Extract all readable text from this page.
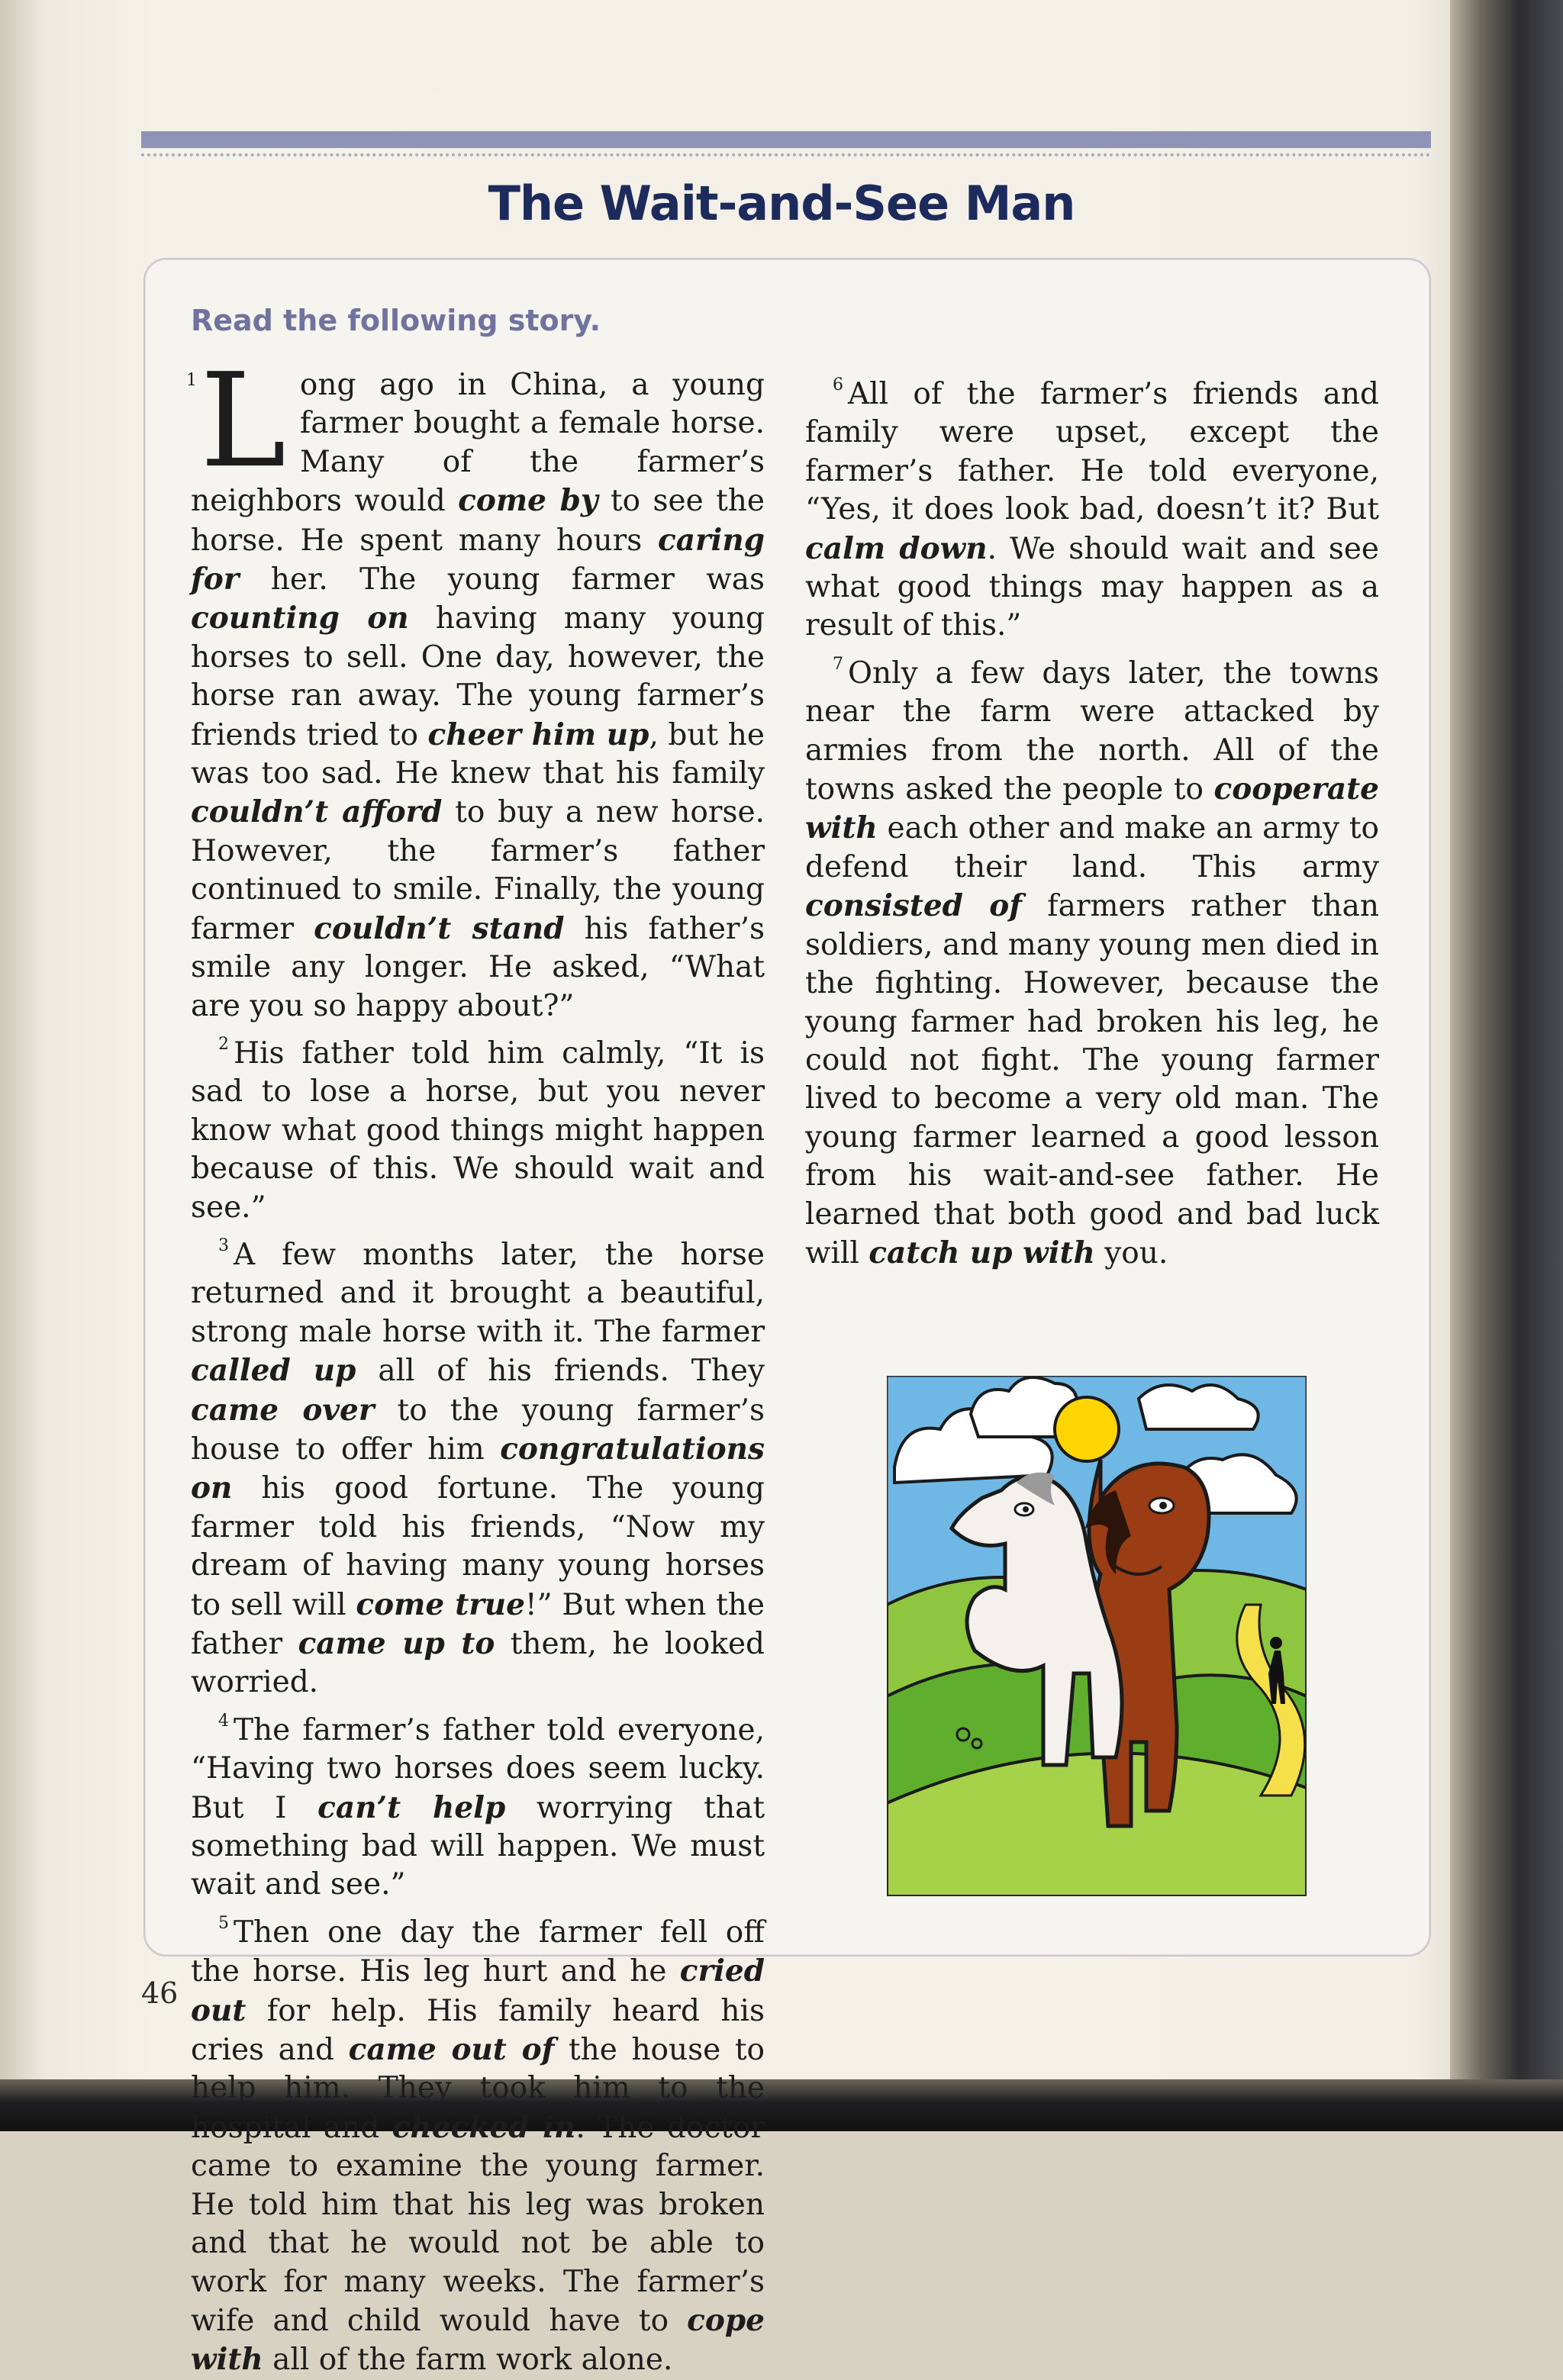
The Wait-and-See Man
Read the following story.

1 L ong ago in China, a young farmer bought a female horse. Many of the farmer’s neighbors would come by to see the horse. He spent many hours caring for her. The young farmer was counting on having many young horses to sell. One day, however, the horse ran away. The young farmer’s friends tried to cheer him up, but he was too sad. He knew that his family couldn’t afford to buy a new horse. However, the farmer’s father continued to smile. Finally, the young farmer couldn’t stand his father’s smile any longer. He asked, “What are you so happy about?”

$^2$ His father told him calmly, “It is sad to lose a horse, but you never know what good things might happen because of this. We should wait and see.”

$^3$ A few months later, the horse returned and it brought a beautiful, strong male horse with it. The farmer called up all of his friends. They came over to the young farmer’s house to offer him congratulations on his good fortune. The young farmer told his friends, “Now my dream of having many young horses to sell will come true!” But when the father came up to them, he looked worried.

$^4$ The farmer’s father told everyone, “Having two horses does seem lucky. But I can’t help worrying that something bad will happen. We must wait and see.”

$^5$ Then one day the farmer fell off the horse. His leg hurt and he cried out for help. His family heard his cries and came out of the house to help him. They took him to the hospital and checked in. The doctor came to examine the young farmer. He told him that his leg was broken and that he would not be able to work for many weeks. The farmer’s wife and child would have to cope with all of the farm work alone.

$^6$ All of the farmer’s friends and family were upset, except the farmer’s father. He told everyone, “Yes, it does look bad, doesn’t it? But calm down. We should wait and see what good things may happen as a result of this.”

$^7$ Only a few days later, the towns near the farm were attacked by armies from the north. All of the towns asked the people to cooperate with each other and make an army to defend their land. This army consisted of farmers rather than soldiers, and many young men died in the fighting. However, because the young farmer had broken his leg, he could not fight. The young farmer lived to become a very old man. The young farmer learned a good lesson from his wait-and-see father. He learned that both good and bad luck will catch up with you.

46
